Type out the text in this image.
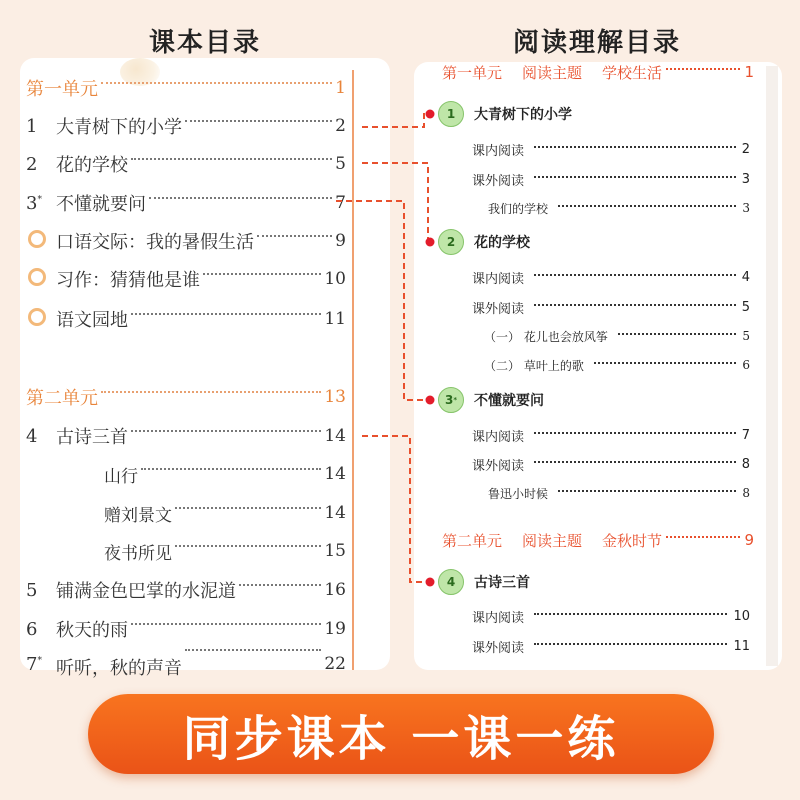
课本目录	阅读理解目录
第一单元	1
1	大青树下的小学	2
2	花的学校	5
3* 不懂就要问	7
口语交际：我的暑假生活	9
习作：猜猜他是谁	10
语文园地	11
第二单元	13
4	古诗三首	14
山行	14
赠刘景文	14
夜书所见	15
5	铺满金色巴掌的水泥道	16
6	秋天的雨	19
7* 听听，秋的声音	22
第一单元 阅读主题 学校生活	1
1 大青树下的小学
课内阅读	2
课外阅读	3
我们的学校	3
2 花的学校
课内阅读	4
课外阅读	5
（一） 花儿也会放风筝	5
（二） 草叶上的歌	6
3 * 不懂就要问
课内阅读	7
课外阅读	8
鲁迅小时候	8
第二单元 阅读主题 金秋时节	9
4 古诗三首
课内阅读	10
课外阅读	11
同步课本 一课一练
